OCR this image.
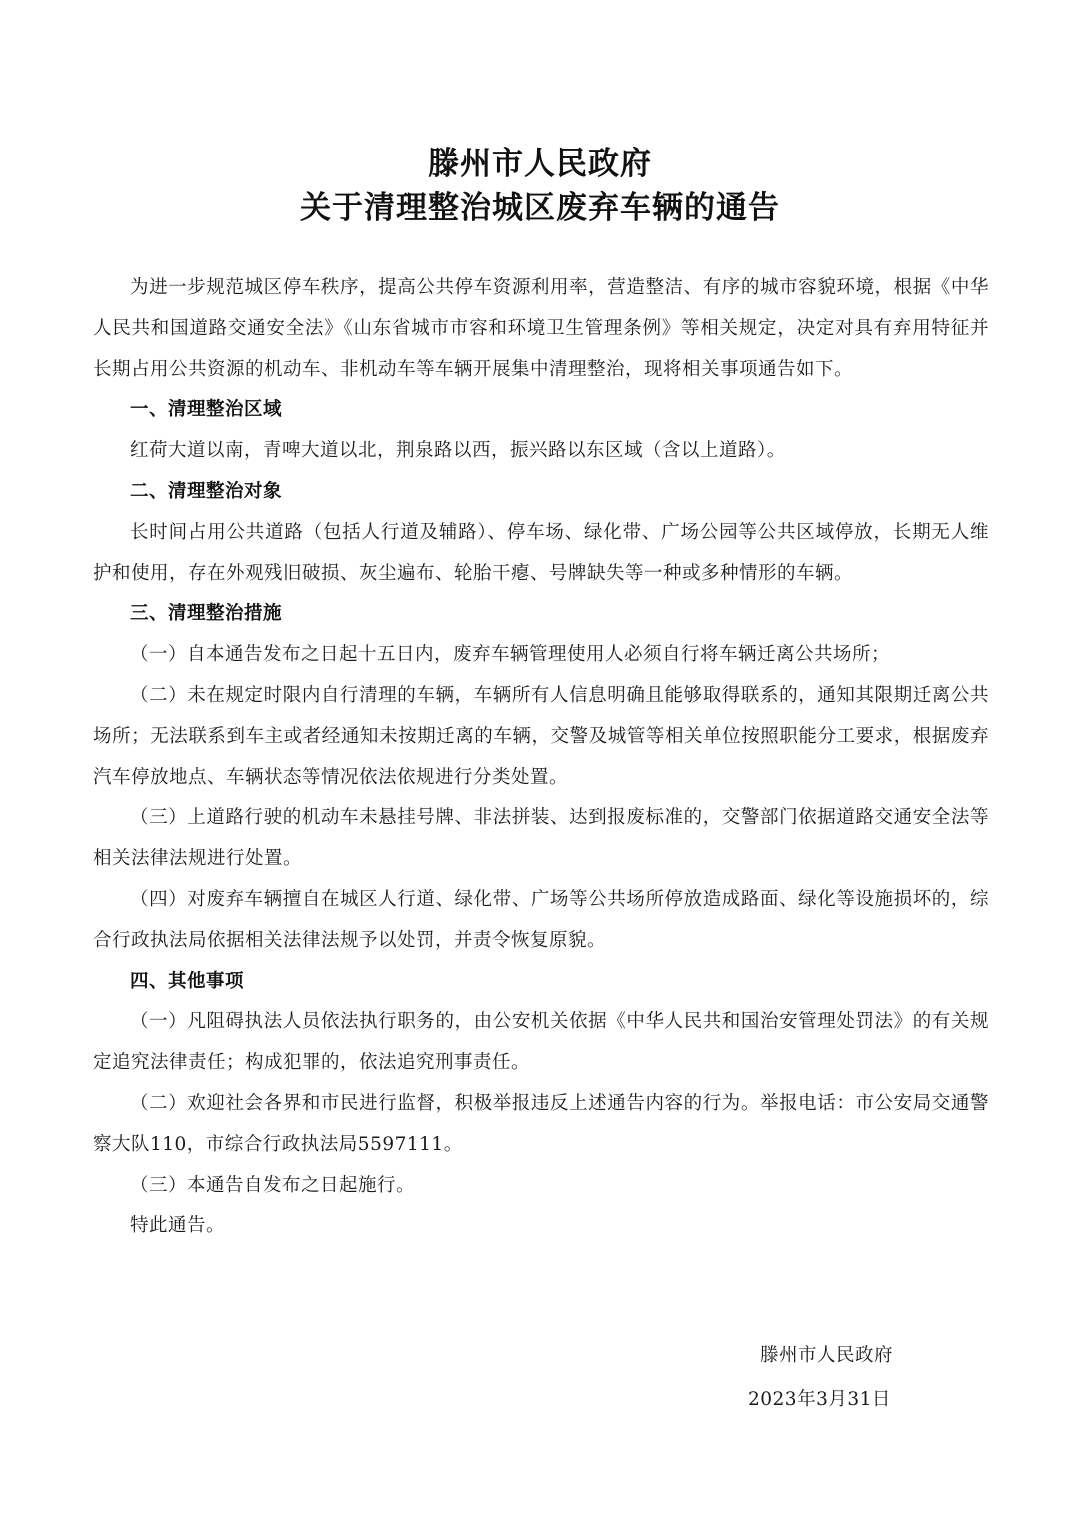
滕州市人民政府
关于清理整治城区废弃车辆的通告

为进一步规范城区停车秩序，提高公共停车资源利用率，营造整洁、有序的城市容貌环境，根据《中华人民共和国道路交通安全法》《山东省城市市容和环境卫生管理条例》等相关规定，决定对具有弃用特征并长期占用公共资源的机动车、非机动车等车辆开展集中清理整治，现将相关事项通告如下。

一、清理整治区域

红荷大道以南，青啤大道以北，荆泉路以西，振兴路以东区域（含以上道路）。

二、清理整治对象

长时间占用公共道路（包括人行道及辅路）、停车场、绿化带、广场公园等公共区域停放，长期无人维护和使用，存在外观残旧破损、灰尘遍布、轮胎干瘪、号牌缺失等一种或多种情形的车辆。

三、清理整治措施

（一）自本通告发布之日起十五日内，废弃车辆管理使用人必须自行将车辆迁离公共场所；

（二）未在规定时限内自行清理的车辆，车辆所有人信息明确且能够取得联系的，通知其限期迁离公共场所；无法联系到车主或者经通知未按期迁离的车辆，交警及城管等相关单位按照职能分工要求，根据废弃汽车停放地点、车辆状态等情况依法依规进行分类处置。

（三）上道路行驶的机动车未悬挂号牌、非法拼装、达到报废标准的，交警部门依据道路交通安全法等相关法律法规进行处置。

（四）对废弃车辆擅自在城区人行道、绿化带、广场等公共场所停放造成路面、绿化等设施损坏的，综合行政执法局依据相关法律法规予以处罚，并责令恢复原貌。

四、其他事项

（一）凡阻碍执法人员依法执行职务的，由公安机关依据《中华人民共和国治安管理处罚法》的有关规定追究法律责任；构成犯罪的，依法追究刑事责任。

（二）欢迎社会各界和市民进行监督，积极举报违反上述通告内容的行为。举报电话：市公安局交通警察大队110，市综合行政执法局5597111。

（三）本通告自发布之日起施行。

特此通告。

滕州市人民政府
2023年3月31日
